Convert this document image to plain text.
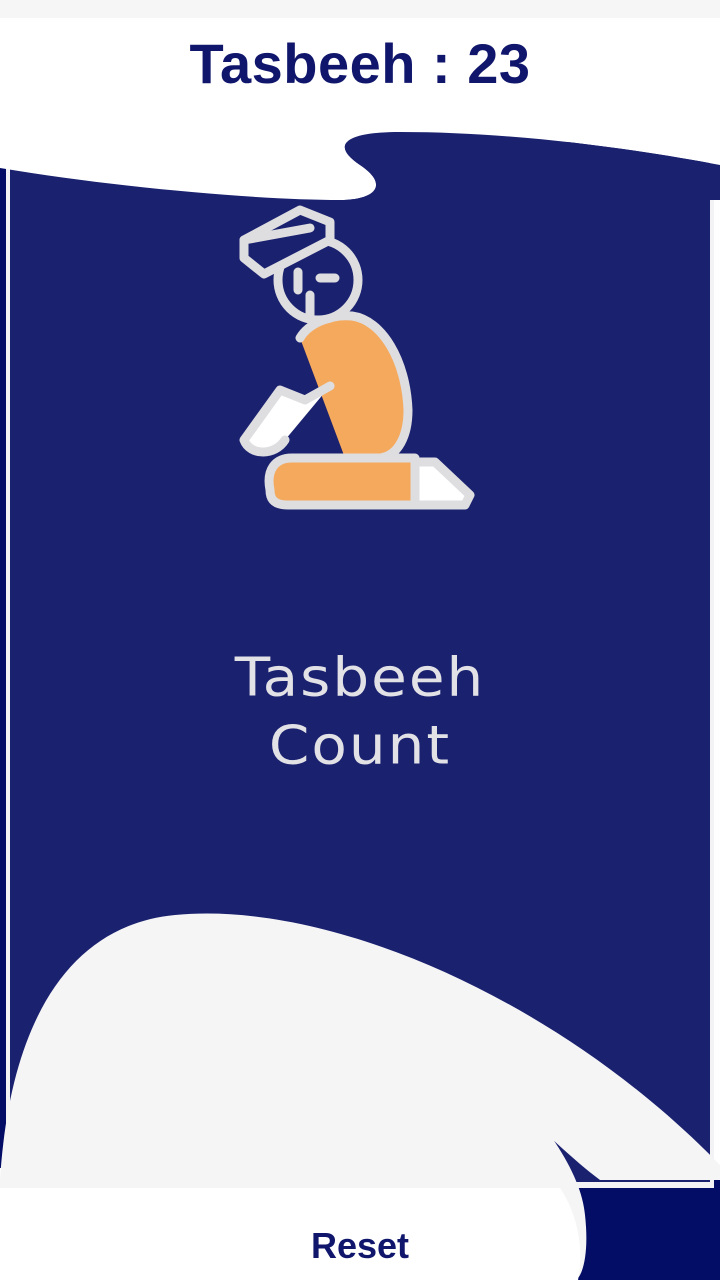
Tasbeeh : 23
Tasbeeh
Count
Reset
